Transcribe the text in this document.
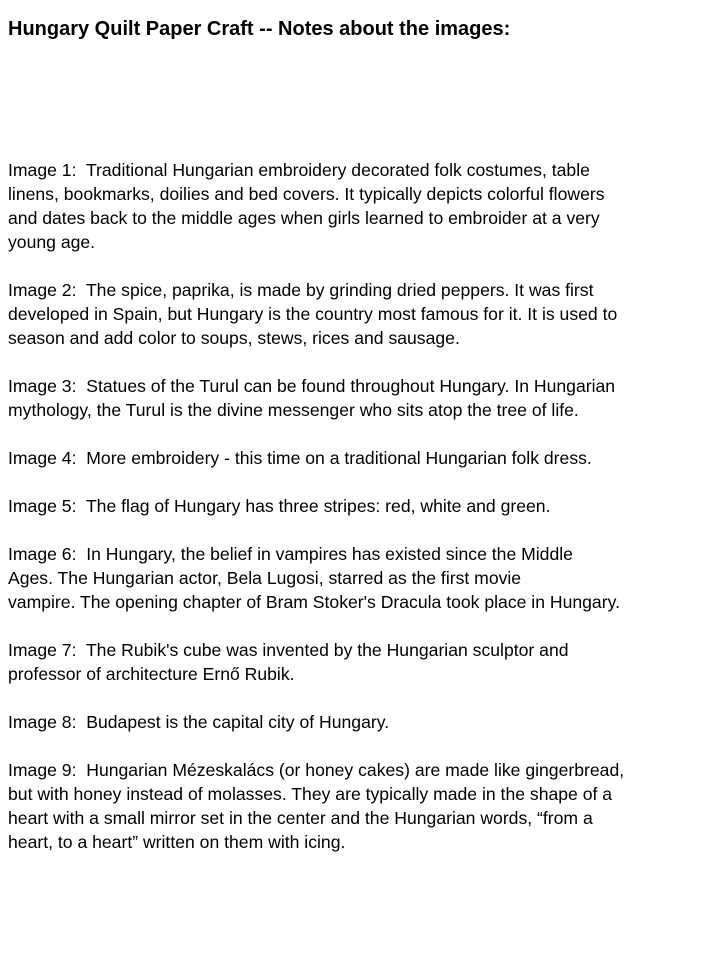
Hungary Quilt Paper Craft -- Notes about the images:

Image 1: Traditional Hungarian embroidery decorated folk costumes, table
linens, bookmarks, doilies and bed covers. It typically depicts colorful flowers
and dates back to the middle ages when girls learned to embroider at a very
young age.

Image 2: The spice, paprika, is made by grinding dried peppers. It was first
developed in Spain, but Hungary is the country most famous for it. It is used to
season and add color to soups, stews, rices and sausage.

Image 3: Statues of the Turul can be found throughout Hungary. In Hungarian
mythology, the Turul is the divine messenger who sits atop the tree of life.

Image 4: More embroidery - this time on a traditional Hungarian folk dress.

Image 5: The flag of Hungary has three stripes: red, white and green.

Image 6: In Hungary, the belief in vampires has existed since the Middle
Ages. The Hungarian actor, Bela Lugosi, starred as the first movie
vampire. The opening chapter of Bram Stoker's Dracula took place in Hungary.

Image 7: The Rubik's cube was invented by the Hungarian sculptor and
professor of architecture Ernő Rubik.

Image 8: Budapest is the capital city of Hungary.

Image 9: Hungarian Mézeskalács (or honey cakes) are made like gingerbread,
but with honey instead of molasses. They are typically made in the shape of a
heart with a small mirror set in the center and the Hungarian words, “from a
heart, to a heart” written on them with icing.
